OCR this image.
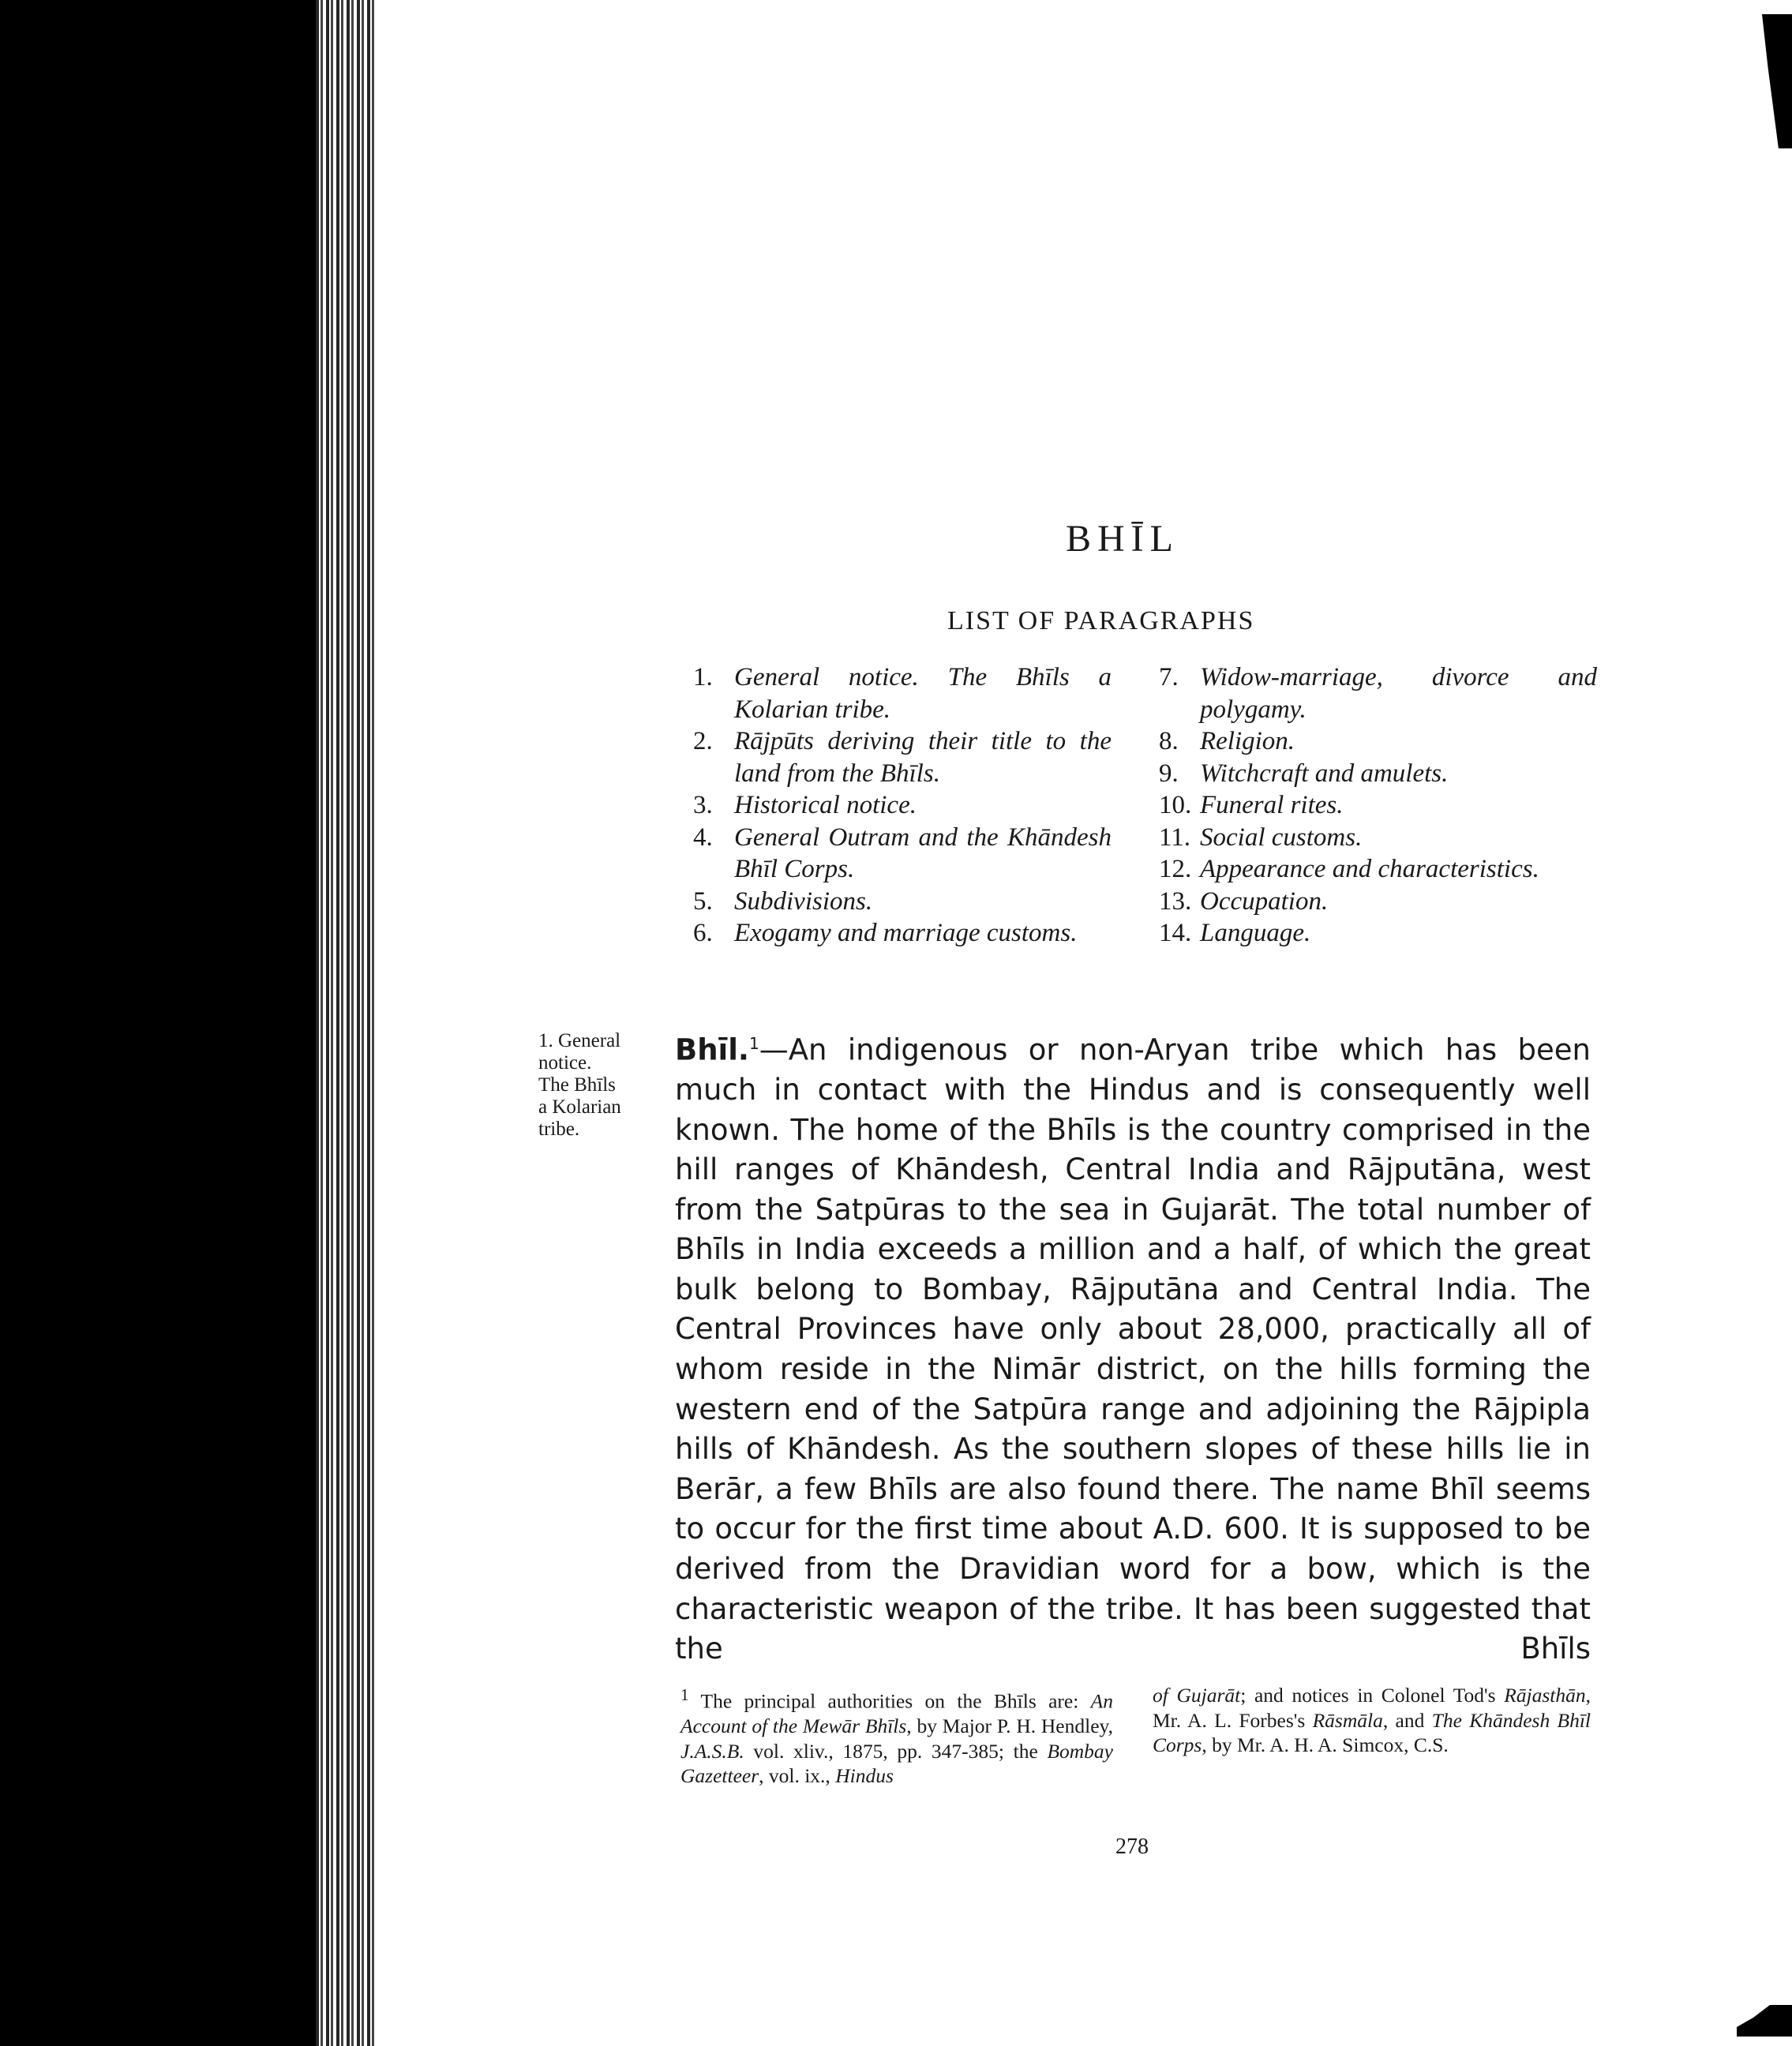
BHĪL
LIST OF PARAGRAPHS
1. General notice. The Bhīls a Kolarian tribe.
2. Rājpūts deriving their title to the land from the Bhīls.
3. Historical notice.
4. General Outram and the Khāndesh Bhīl Corps.
5. Subdivisions.
6. Exogamy and marriage customs.
7. Widow-marriage, divorce and polygamy.
8. Religion.
9. Witchcraft and amulets.
10. Funeral rites.
11. Social customs.
12. Appearance and characteristics.
13. Occupation.
14. Language.
1. General
notice.
The Bhīls
a Kolarian
tribe.
Bhīl.$^1$—An indigenous or non-Aryan tribe which has been much in contact with the Hindus and is consequently well known. The home of the Bhīls is the country comprised in the hill ranges of Khāndesh, Central India and Rājputāna, west from the Satpūras to the sea in Gujarāt. The total number of Bhīls in India exceeds a million and a half, of which the great bulk belong to Bombay, Rājputāna and Central India. The Central Provinces have only about 28,000, practically all of whom reside in the Nimār district, on the hills forming the western end of the Satpūra range and adjoining the Rājpipla hills of Khāndesh. As the southern slopes of these hills lie in Berār, a few Bhīls are also found there. The name Bhīl seems to occur for the first time about A.D. 600. It is supposed to be derived from the Dravidian word for a bow, which is the characteristic weapon of the tribe. It has been suggested that the Bhīls
$^1$ The principal authorities on the Bhīls are: An Account of the Mewār Bhīls, by Major P. H. Hendley, J.A.S.B. vol. xliv., 1875, pp. 347-385; the Bombay Gazetteer, vol. ix., Hindus
of Gujarāt; and notices in Colonel Tod's Rājasthān, Mr. A. L. Forbes's Rāsmāla, and The Khāndesh Bhīl Corps, by Mr. A. H. A. Simcox, C.S.
278
